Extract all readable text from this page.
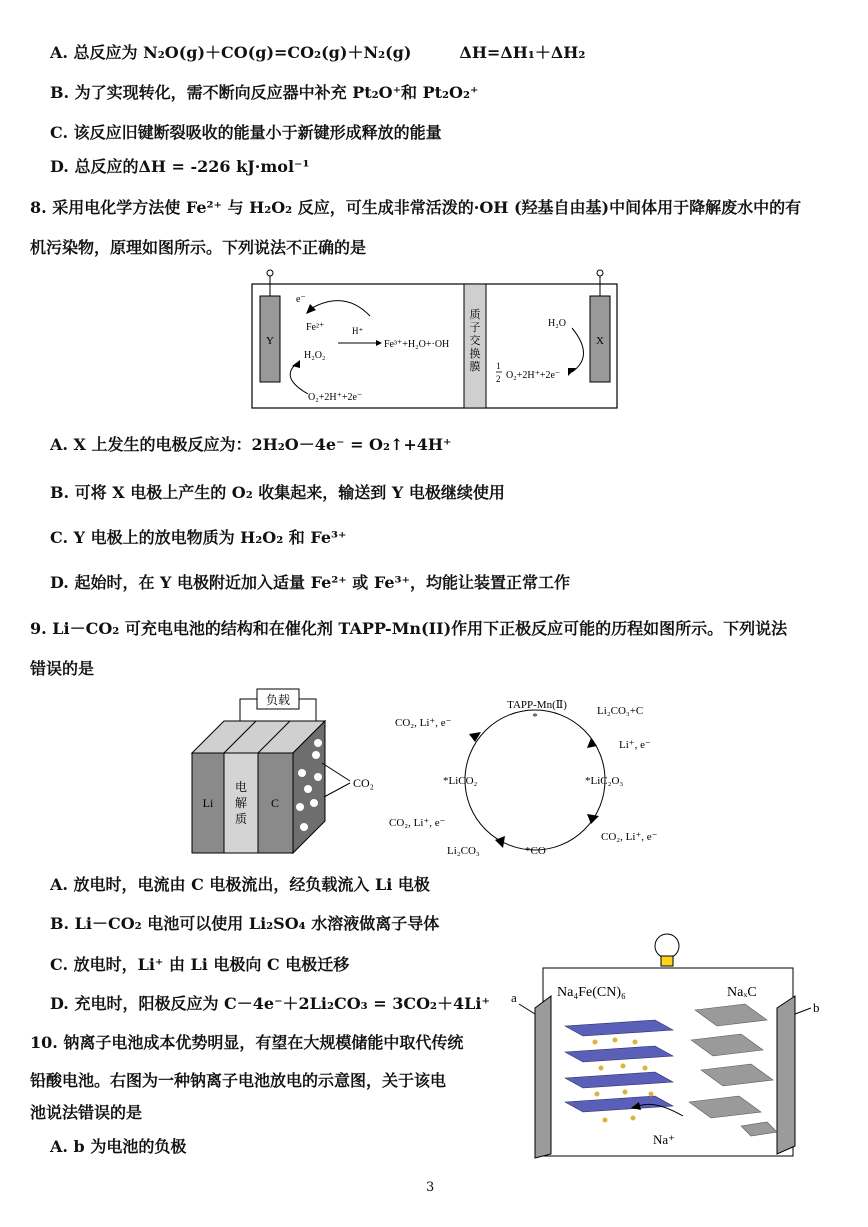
A. 总反应为 N₂O(g)＋CO(g)=CO₂(g)＋N₂(g)　　　ΔH=ΔH₁＋ΔH₂
B. 为了实现转化，需不断向反应器中补充 Pt₂O⁺和 Pt₂O₂⁺
C. 该反应旧键断裂吸收的能量小于新键形成释放的能量
D. 总反应的ΔH = -226 kJ·mol⁻¹
8. 采用电化学方法使 Fe²⁺ 与 H₂O₂ 反应，可生成非常活泼的·OH (羟基自由基)中间体用于降解废水中的有
机污染物，原理如图所示。下列说法不正确的是
Y	X
质
子
交
换
膜
e⁻
Fe²⁺	H⁺
Fe³⁺+H₂O+·OH
H₂O₂
O₂+2H⁺+2e⁻
H₂O
1
2 O₂+2H⁺+2e⁻
A. X 上发生的电极反应为：2H₂O－4e⁻ = O₂↑+4H⁺
B. 可将 X 电极上产生的 O₂ 收集起来，输送到 Y 电极继续使用
C. Y 电极上的放电物质为 H₂O₂ 和 Fe³⁺
D. 起始时，在 Y 电极附近加入适量 Fe²⁺ 或 Fe³⁺，均能让装置正常工作
9. Li－CO₂ 可充电电池的结构和在催化剂 TAPP-Mn(II)作用下正极反应可能的历程如图所示。下列说法
错误的是
负载
Li
电
解
质
C
CO₂
TAPP-Mn(Ⅱ)
*
CO₂, Li⁺, e⁻
Li₂CO₃+C
Li⁺, e⁻
*LiCO₂	*LiC₂O₃
CO₂, Li⁺, e⁻
Li₂CO₃	*CO
CO₂, Li⁺, e⁻
A. 放电时，电流由 C 电极流出，经负载流入 Li 电极
B. Li－CO₂ 电池可以使用 Li₂SO₄ 水溶液做离子导体
C. 放电时，Li⁺ 由 Li 电极向 C 电极迁移
D. 充电时，阳极反应为 C－4e⁻＋2Li₂CO₃ = 3CO₂＋4Li⁺
10. 钠离子电池成本优势明显，有望在大规模储能中取代传统
铅酸电池。右图为一种钠离子电池放电的示意图，关于该电
池说法错误的是
A. b 为电池的负极
a
b
Na₄Fe(CN)₆	NaₓC
Na⁺
3
